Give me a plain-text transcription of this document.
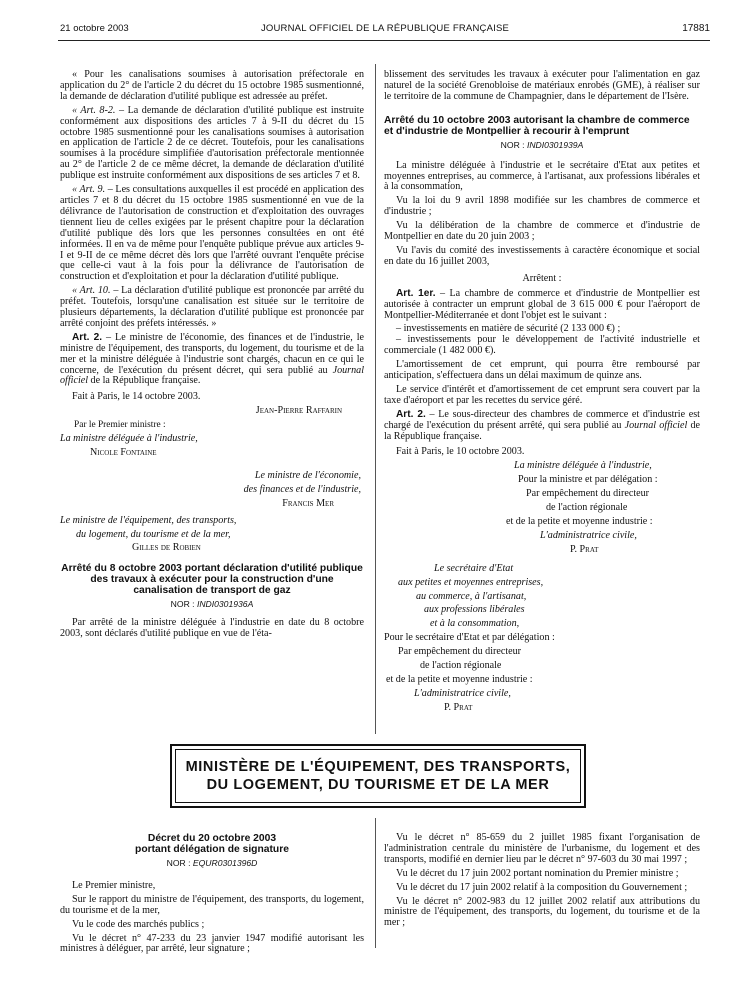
21 octobre 2003	JOURNAL OFFICIEL DE LA RÉPUBLIQUE FRANÇAISE	17881

« Pour les canalisations soumises à autorisation préfectorale en application du 2° de l'article 2 du décret du 15 octobre 1985 susmentionné, la demande de déclaration d'utilité publique est adressée au préfet.

« Art. 8-2. – La demande de déclaration d'utilité publique est instruite conformément aux dispositions des articles 7 à 9-II du décret du 15 octobre 1985 susmentionné pour les canalisations soumises à autorisation en application de l'article 2 de ce décret. Toutefois, pour les canalisations soumises à la procédure simplifiée d'autorisation préfectorale mentionnée au 2° de l'article 2 de ce même décret, la demande de déclaration d'utilité publique est instruite conformément aux dispositions de ses articles 7 et 8.

« Art. 9. – Les consultations auxquelles il est procédé en application des articles 7 et 8 du décret du 15 octobre 1985 susmentionné en vue de la délivrance de l'autorisation de construction et d'exploitation des ouvrages tiennent lieu de celles exigées par le présent chapitre pour la déclaration d'utilité publique dès lors que les personnes consultées en ont été informées. Il en va de même pour l'enquête publique prévue aux articles 9-I et 9-II de ce même décret dès lors que l'arrêté ouvrant l'enquête précise que celle-ci vaut à la fois pour la délivrance de l'autorisation de construction et d'exploitation et pour la déclaration d'utilité publique.

« Art. 10. – La déclaration d'utilité publique est prononcée par arrêté du préfet. Toutefois, lorsqu'une canalisation est située sur le territoire de plusieurs départements, la déclaration d'utilité publique est prononcée par arrêté conjoint des préfets intéressés. »

Art. 2. – Le ministre de l'économie, des finances et de l'industrie, le ministre de l'équipement, des transports, du logement, du tourisme et de la mer et la ministre déléguée à l'industrie sont chargés, chacun en ce qui le concerne, de l'exécution du présent décret, qui sera publié au Journal officiel de la République française.

Fait à Paris, le 14 octobre 2003.

Jean-Pierre Raffarin

Par le Premier ministre :

La ministre déléguée à l'industrie,

Nicole Fontaine

Le ministre de l'économie,

des finances et de l'industrie,

Francis Mer

Le ministre de l'équipement, des transports,

du logement, du tourisme et de la mer,

Gilles de Robien

Arrêté du 8 octobre 2003 portant déclaration d'utilité publique des travaux à exécuter pour la construction d'une canalisation de transport de gaz
NOR : INDI0301936A

Par arrêté de la ministre déléguée à l'industrie en date du 8 octobre 2003, sont déclarés d'utilité publique en vue de l'éta-

blissement des servitudes les travaux à exécuter pour l'alimentation en gaz naturel de la société Grenobloise de matériaux enrobés (GME), à réaliser sur le territoire de la commune de Champagnier, dans le département de l'Isère.

Arrêté du 10 octobre 2003 autorisant la chambre de commerce et d'industrie de Montpellier à recourir à l'emprunt
NOR : INDI0301939A

La ministre déléguée à l'industrie et le secrétaire d'Etat aux petites et moyennes entreprises, au commerce, à l'artisanat, aux professions libérales et à la consommation,

Vu la loi du 9 avril 1898 modifiée sur les chambres de commerce et d'industrie ;

Vu la délibération de la chambre de commerce et d'industrie de Montpellier en date du 20 juin 2003 ;

Vu l'avis du comité des investissements à caractère économique et social en date du 16 juillet 2003,

Arrêtent :

Art. 1er. – La chambre de commerce et d'industrie de Montpellier est autorisée à contracter un emprunt global de 3 615 000 € pour l'aéroport de Montpellier-Méditerranée et dont l'objet est le suivant :

– investissements en matière de sécurité (2 133 000 €) ;

– investissements pour le développement de l'activité industrielle et commerciale (1 482 000 €).

L'amortissement de cet emprunt, qui pourra être remboursé par anticipation, s'effectuera dans un délai maximum de quinze ans.

Le service d'intérêt et d'amortissement de cet emprunt sera couvert par la taxe d'aéroport et par les recettes du service géré.

Art. 2. – Le sous-directeur des chambres de commerce et d'industrie est chargé de l'exécution du présent arrêté, qui sera publié au Journal officiel de la République française.

Fait à Paris, le 10 octobre 2003.

La ministre déléguée à l'industrie,

Pour la ministre et par délégation :

Par empêchement du directeur

de l'action régionale

et de la petite et moyenne industrie :

L'administratrice civile,

P. Prat

Le secrétaire d'Etat

aux petites et moyennes entreprises,

au commerce, à l'artisanat,

aux professions libérales

et à la consommation,

Pour le secrétaire d'Etat et par délégation :

Par empêchement du directeur

de l'action régionale

et de la petite et moyenne industrie :

L'administratrice civile,

P. Prat

MINISTÈRE DE L'ÉQUIPEMENT, DES TRANSPORTS,
DU LOGEMENT, DU TOURISME ET DE LA MER
Décret du 20 octobre 2003
portant délégation de signature
NOR : EQUR0301396D

Le Premier ministre,

Sur le rapport du ministre de l'équipement, des transports, du logement, du tourisme et de la mer,

Vu le code des marchés publics ;

Vu le décret n° 47-233 du 23 janvier 1947 modifié autorisant les ministres à déléguer, par arrêté, leur signature ;

Vu le décret n° 85-659 du 2 juillet 1985 fixant l'organisation de l'administration centrale du ministère de l'urbanisme, du logement et des transports, modifié en dernier lieu par le décret n° 97-603 du 30 mai 1997 ;

Vu le décret du 17 juin 2002 portant nomination du Premier ministre ;

Vu le décret du 17 juin 2002 relatif à la composition du Gouvernement ;

Vu le décret n° 2002-983 du 12 juillet 2002 relatif aux attributions du ministre de l'équipement, des transports, du logement, du tourisme et de la mer ;
